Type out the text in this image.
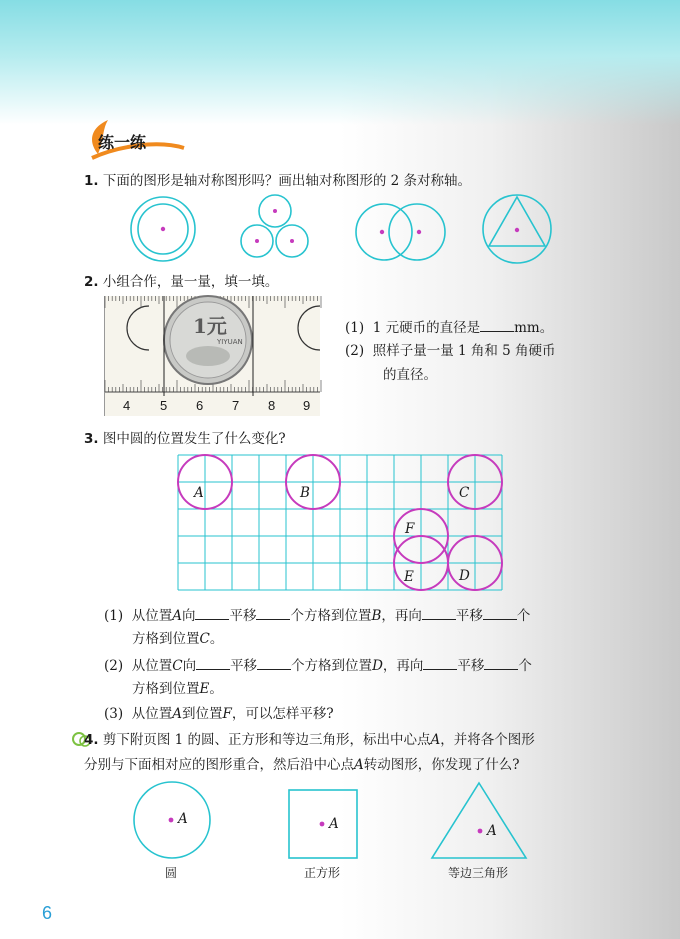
练一练
1. 下面的图形是轴对称图形吗？画出轴对称图形的 2 条对称轴。
2. 小组合作，量一量，填一填。
1元
YIYUAN
4 5 6 7 8 9
(1) 1 元硬币的直径是	mm。
(2) 照样子量一量 1 角和 5 角硬币
的直径。
3. 图中圆的位置发生了什么变化?
A	B	C
F
E	D
(1) 从位置A向	平移	个方格到位置B，再向	平移	个
方格到位置C。
(2) 从位置C向	平移	个方格到位置D，再向	平移	个
方格到位置E。
(3) 从位置A到位置F，可以怎样平移?
4. 剪下附页图 1 的圆、正方形和等边三角形，标出中心点A，并将各个图形
分别与下面相对应的图形重合，然后沿中心点A转动图形，你发现了什么?
A	A	A
圆	正方形	等边三角形
6
